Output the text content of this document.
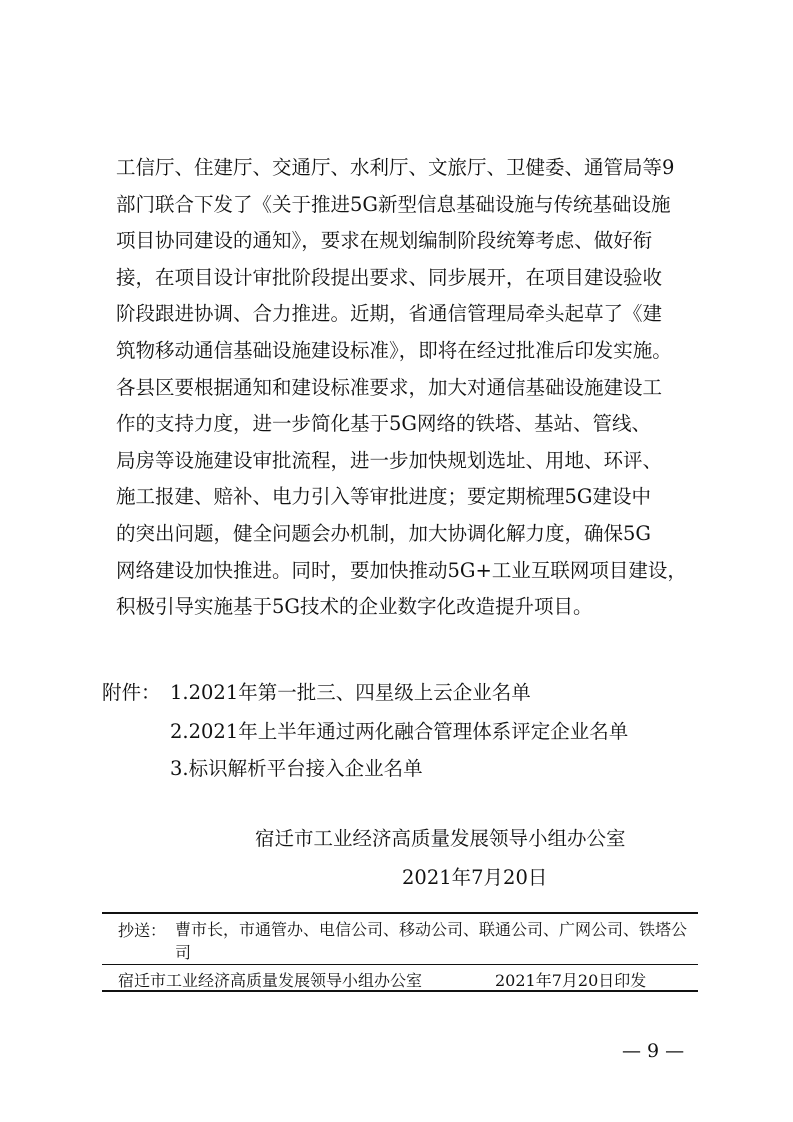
工信厅、住建厅、交通厅、水利厅、文旅厅、卫健委、通管局等9
部门联合下发了《关于推进5G新型信息基础设施与传统基础设施
项目协同建设的通知》，要求在规划编制阶段统筹考虑、做好衔
接，在项目设计审批阶段提出要求、同步展开，在项目建设验收
阶段跟进协调、合力推进。近期，省通信管理局牵头起草了《建
筑物移动通信基础设施建设标准》，即将在经过批准后印发实施。
各县区要根据通知和建设标准要求，加大对通信基础设施建设工
作的支持力度，进一步简化基于5G网络的铁塔、基站、管线、
局房等设施建设审批流程，进一步加快规划选址、用地、环评、
施工报建、赔补、电力引入等审批进度；要定期梳理5G建设中
的突出问题，健全问题会办机制，加大协调化解力度，确保5G
网络建设加快推进。同时，要加快推动5G+工业互联网项目建设，
积极引导实施基于5G技术的企业数字化改造提升项目。
附件： 1.2021年第一批三、四星级上云企业名单
2.2021年上半年通过两化融合管理体系评定企业名单
3.标识解析平台接入企业名单
宿迁市工业经济高质量发展领导小组办公室
2021年7月20日
抄送： 曹市长，市通管办、电信公司、移动公司、联通公司、广网公司、铁塔公司
宿迁市工业经济高质量发展领导小组办公室	2021年7月20日印发
— 9 —
